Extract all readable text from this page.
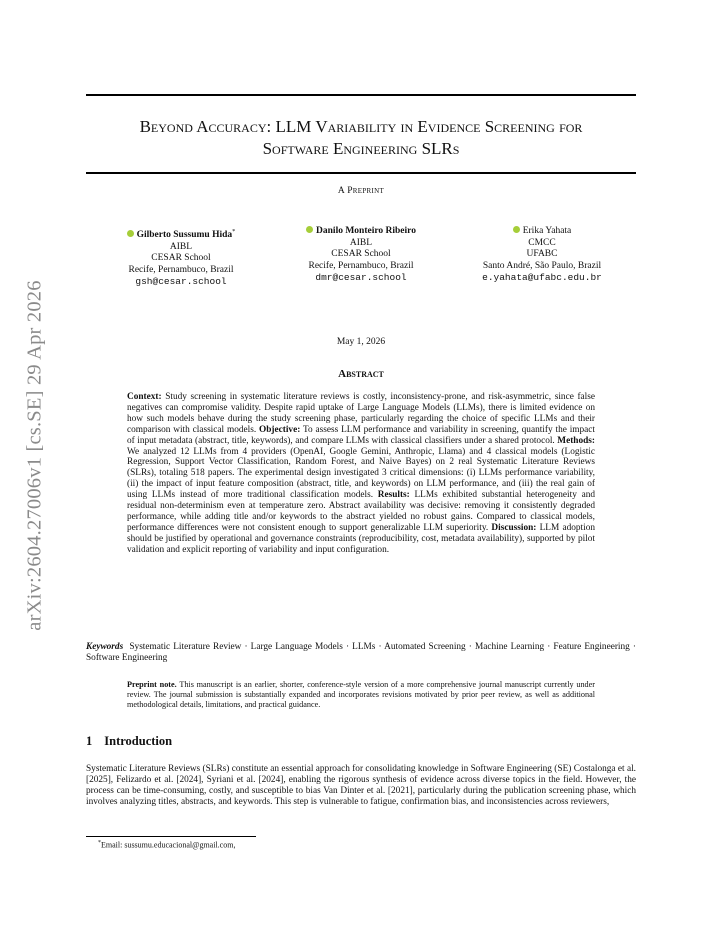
arXiv:2604.27006v1 [cs.SE] 29 Apr 2026
Beyond Accuracy: LLM Variability in Evidence Screening for
Software Engineering SLRs
A Preprint
Gilberto Sussumu Hida*
AIBL
CESAR School
Recife, Pernambuco, Brazil
gsh@cesar.school
Danilo Monteiro Ribeiro
AIBL
CESAR School
Recife, Pernambuco, Brazil
dmr@cesar.school
Erika Yahata
CMCC
UFABC
Santo André, São Paulo, Brazil
e.yahata@ufabc.edu.br
May 1, 2026
Abstract
Context: Study screening in systematic literature reviews is costly, inconsistency-prone, and risk-asymmetric, since false negatives can compromise validity. Despite rapid uptake of Large Language Models (LLMs), there is limited evidence on how such models behave during the study screening phase, particularly regarding the choice of specific LLMs and their comparison with classical models. Objective: To assess LLM performance and variability in screening, quantify the impact of input metadata (abstract, title, keywords), and compare LLMs with classical classifiers under a shared protocol. Methods: We analyzed 12 LLMs from 4 providers (OpenAI, Google Gemini, Anthropic, Llama) and 4 classical models (Logistic Regression, Support Vector Classification, Random Forest, and Naive Bayes) on 2 real Systematic Literature Reviews (SLRs), totaling 518 papers. The experimental design investigated 3 critical dimensions: (i) LLMs performance variability, (ii) the impact of input feature composition (abstract, title, and keywords) on LLM performance, and (iii) the real gain of using LLMs instead of more traditional classification models. Results: LLMs exhibited substantial heterogeneity and residual non-determinism even at temperature zero. Abstract availability was decisive: removing it consistently degraded performance, while adding title and/or keywords to the abstract yielded no robust gains. Compared to classical models, performance differences were not consistent enough to support generalizable LLM superiority. Discussion: LLM adoption should be justified by operational and governance constraints (reproducibility, cost, metadata availability), supported by pilot validation and explicit reporting of variability and input configuration.
Keywords Systematic Literature Review · Large Language Models · LLMs · Automated Screening · Machine Learning · Feature Engineering · Software Engineering
Preprint note. This manuscript is an earlier, shorter, conference-style version of a more comprehensive journal manuscript currently under review. The journal submission is substantially expanded and incorporates revisions motivated by prior peer review, as well as additional methodological details, limitations, and practical guidance.
1 Introduction
Systematic Literature Reviews (SLRs) constitute an essential approach for consolidating knowledge in Software Engineering (SE) Costalonga et al. [2025], Felizardo et al. [2024], Syriani et al. [2024], enabling the rigorous synthesis of evidence across diverse topics in the field. However, the process can be time-consuming, costly, and susceptible to bias Van Dinter et al. [2021], particularly during the publication screening phase, which involves analyzing titles, abstracts, and keywords. This step is vulnerable to fatigue, confirmation bias, and inconsistencies across reviewers,
*Email: sussumu.educacional@gmail.com,
